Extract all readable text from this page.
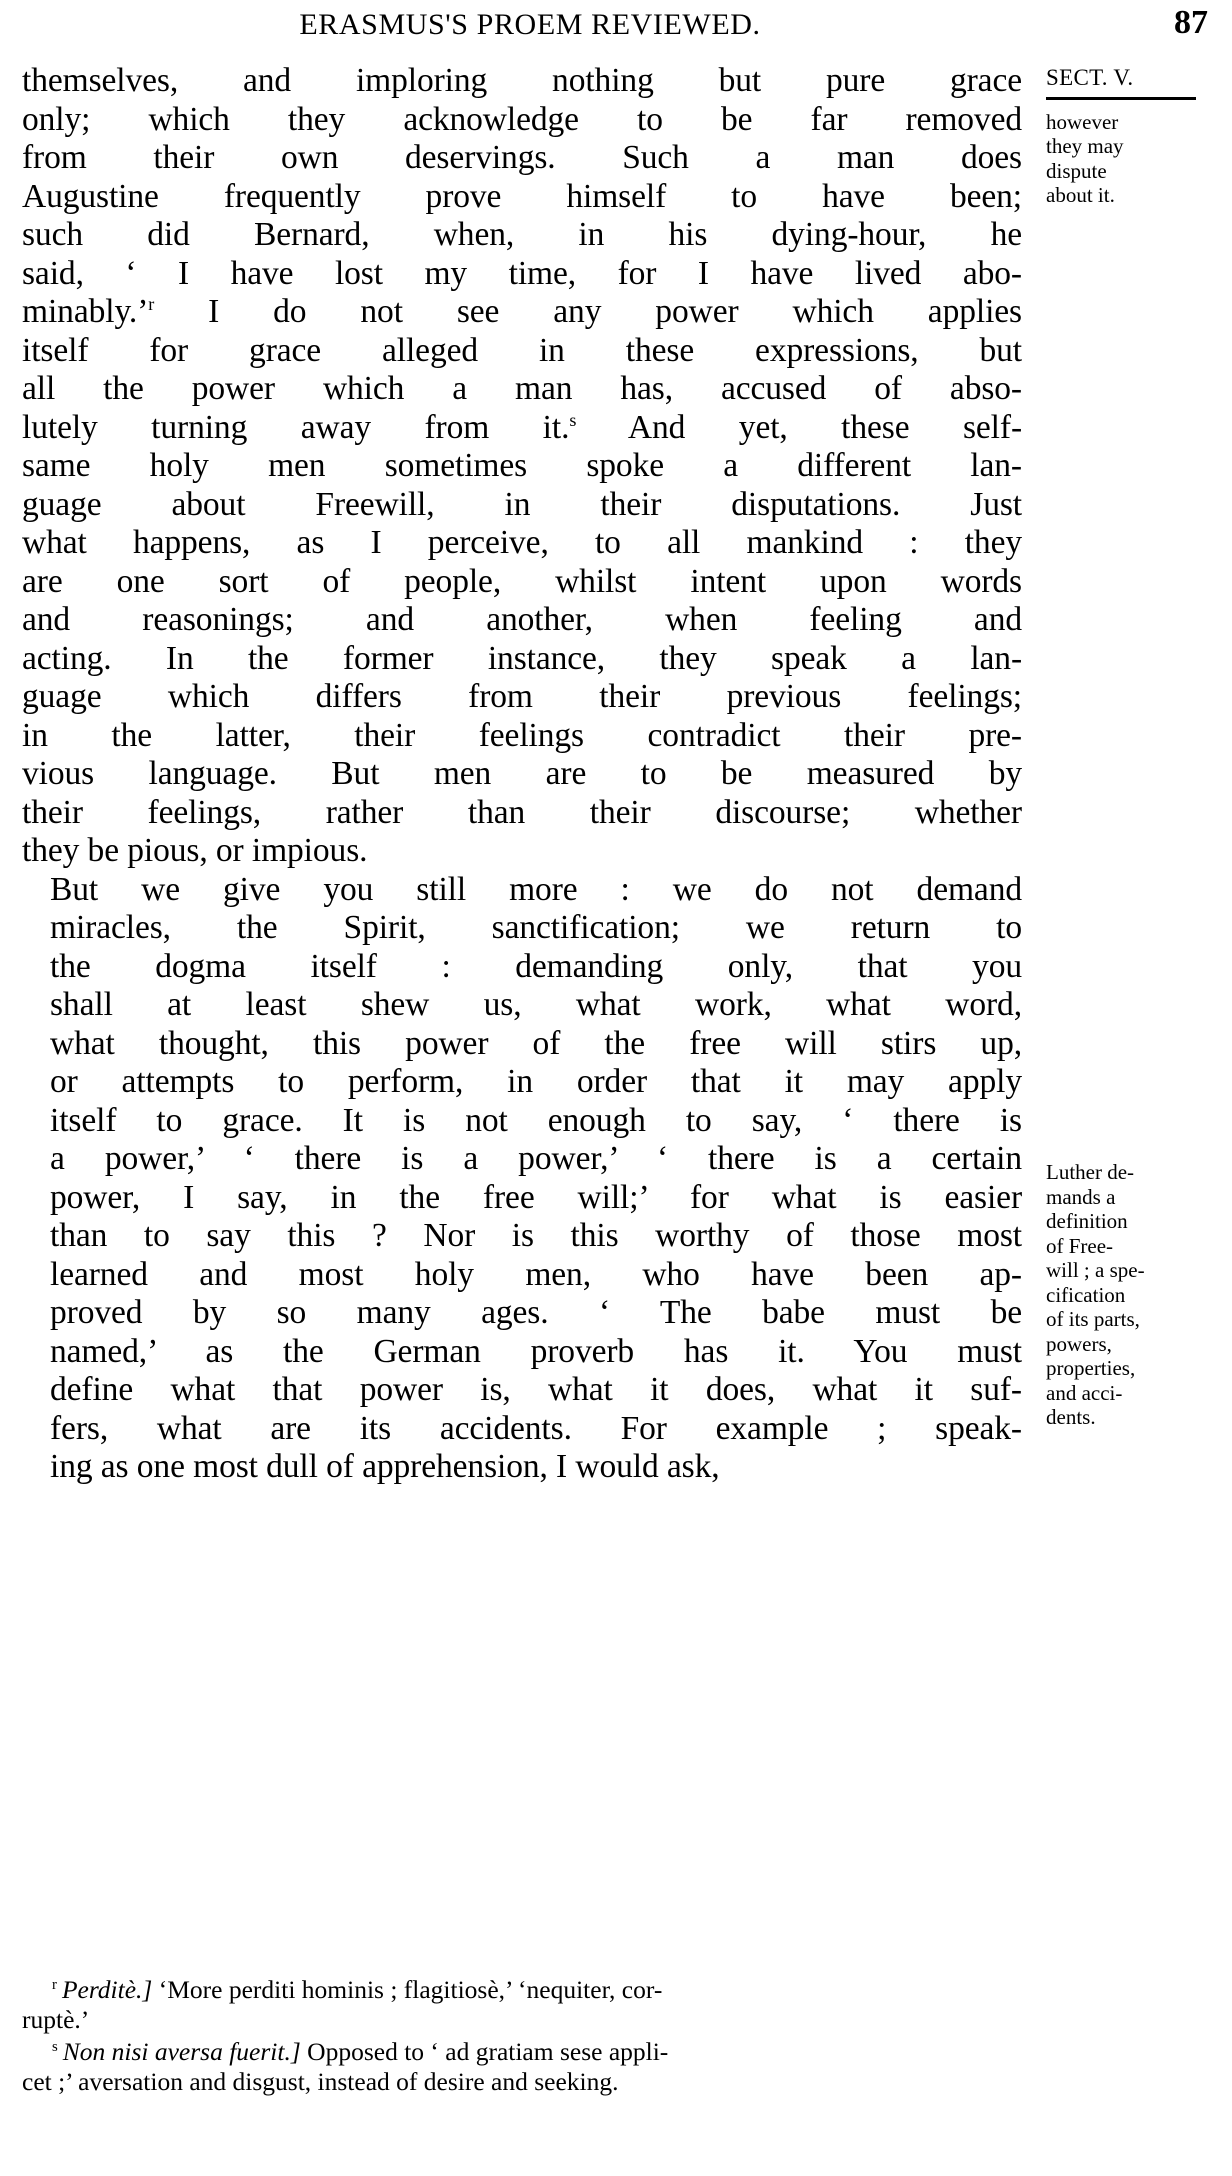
ERASMUS'S PROEM REVIEWED.	87

themselves, and imploring nothing but pure grace
only; which they acknowledge to be far removed
from their own deservings. Such a man does
Augustine frequently prove himself to have been;
such did Bernard, when, in his dying-hour, he
said, ‘ I have lost my time, for I have lived abo-
minably.’$^r$ I do not see any power which applies
itself for grace alleged in these expressions, but
all the power which a man has, accused of abso-
lutely turning away from it.$^s$ And yet, these self-
same holy men sometimes spoke a different lan-
guage about Freewill, in their disputations. Just
what happens, as I perceive, to all mankind : they
are one sort of people, whilst intent upon words
and reasonings; and another, when feeling and
acting. In the former instance, they speak a lan-
guage which differs from their previous feelings;
in the latter, their feelings contradict their pre-
vious language. But men are to be measured by
their feelings, rather than their discourse; whether
they be pious, or impious.

But we give you still more : we do not demand
miracles, the Spirit, sanctification; we return to
the dogma itself : demanding only, that you
shall at least shew us, what work, what word,
what thought, this power of the free will stirs up,
or attempts to perform, in order that it may apply
itself to grace. It is not enough to say, ‘ there is
a power,’ ‘ there is a power,’ ‘ there is a certain
power, I say, in the free will;’ for what is easier
than to say this ? Nor is this worthy of those most
learned and most holy men, who have been ap-
proved by so many ages. ‘ The babe must be
named,’ as the German proverb has it. You must
define what that power is, what it does, what it suf-
fers, what are its accidents. For example ; speak-
ing as one most dull of apprehension, I would ask,

SECT. V.
however
they may
dispute
about it.
Luther de-
mands a
definition
of Free-
will ; a spe-
cification
of its parts,
powers,
properties,
and acci-
dents.

$^r$ Perditè.] ‘More perditi hominis ; flagitiosè,’ ‘nequiter, cor-
ruptè.’

$^s$ Non nisi aversa fuerit.] Opposed to ‘ ad gratiam sese appli-
cet ;’ aversation and disgust, instead of desire and seeking.
